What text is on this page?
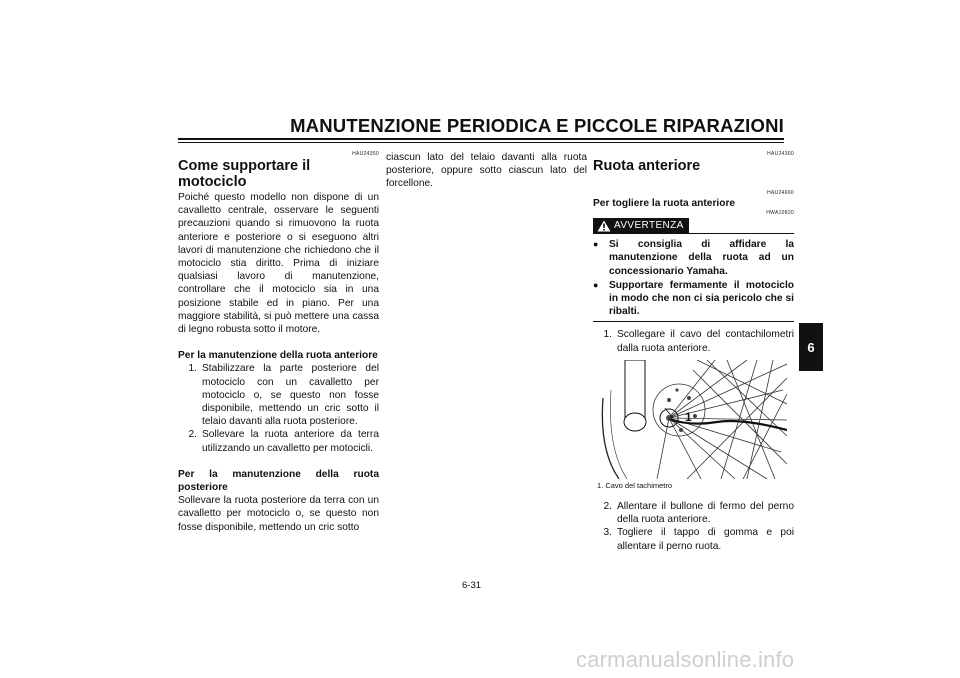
MANUTENZIONE PERIODICA E PICCOLE RIPARAZIONI
HAU24350
Come supportare il motociclo
Poiché questo modello non dispone di un cavalletto centrale, osservare le seguenti precauzioni quando si rimuovono la ruota anteriore e posteriore o si eseguono altri lavori di manutenzione che richiedono che il motociclo stia diritto. Prima di iniziare qualsiasi lavoro di manutenzione, controllare che il motociclo sia in una posizione stabile ed in piano. Per una maggiore stabilità, si può mettere una cassa di legno robusta sotto il motore.
Per la manutenzione della ruota anteriore
1. Stabilizzare la parte posteriore del motociclo con un cavalletto per motociclo o, se questo non fosse disponibile, mettendo un cric sotto il telaio davanti alla ruota posteriore.
2. Sollevare la ruota anteriore da terra utilizzando un cavalletto per motocicli.
Per la manutenzione della ruota posteriore
Sollevare la ruota posteriore da terra con un cavalletto per motociclo o, se questo non fosse disponibile, mettendo un cric sotto
ciascun lato del telaio davanti alla ruota posteriore, oppure sotto ciascun lato del forcellone.
HAU24360
Ruota anteriore
HAU24660
Per togliere la ruota anteriore
HWA10820
AVVERTENZA
●	Si consiglia di affidare la manutenzione della ruota ad un concessionario Yamaha.
●	Supportare fermamente il motociclo in modo che non ci sia pericolo che si ribalti.
1. Scollegare il cavo del contachilometri dalla ruota anteriore.
1
1. Cavo del tachimetro
2. Allentare il bullone di fermo del perno della ruota anteriore.
3. Togliere il tappo di gomma e poi allentare il perno ruota.
6-31
6
carmanualsonline.info
